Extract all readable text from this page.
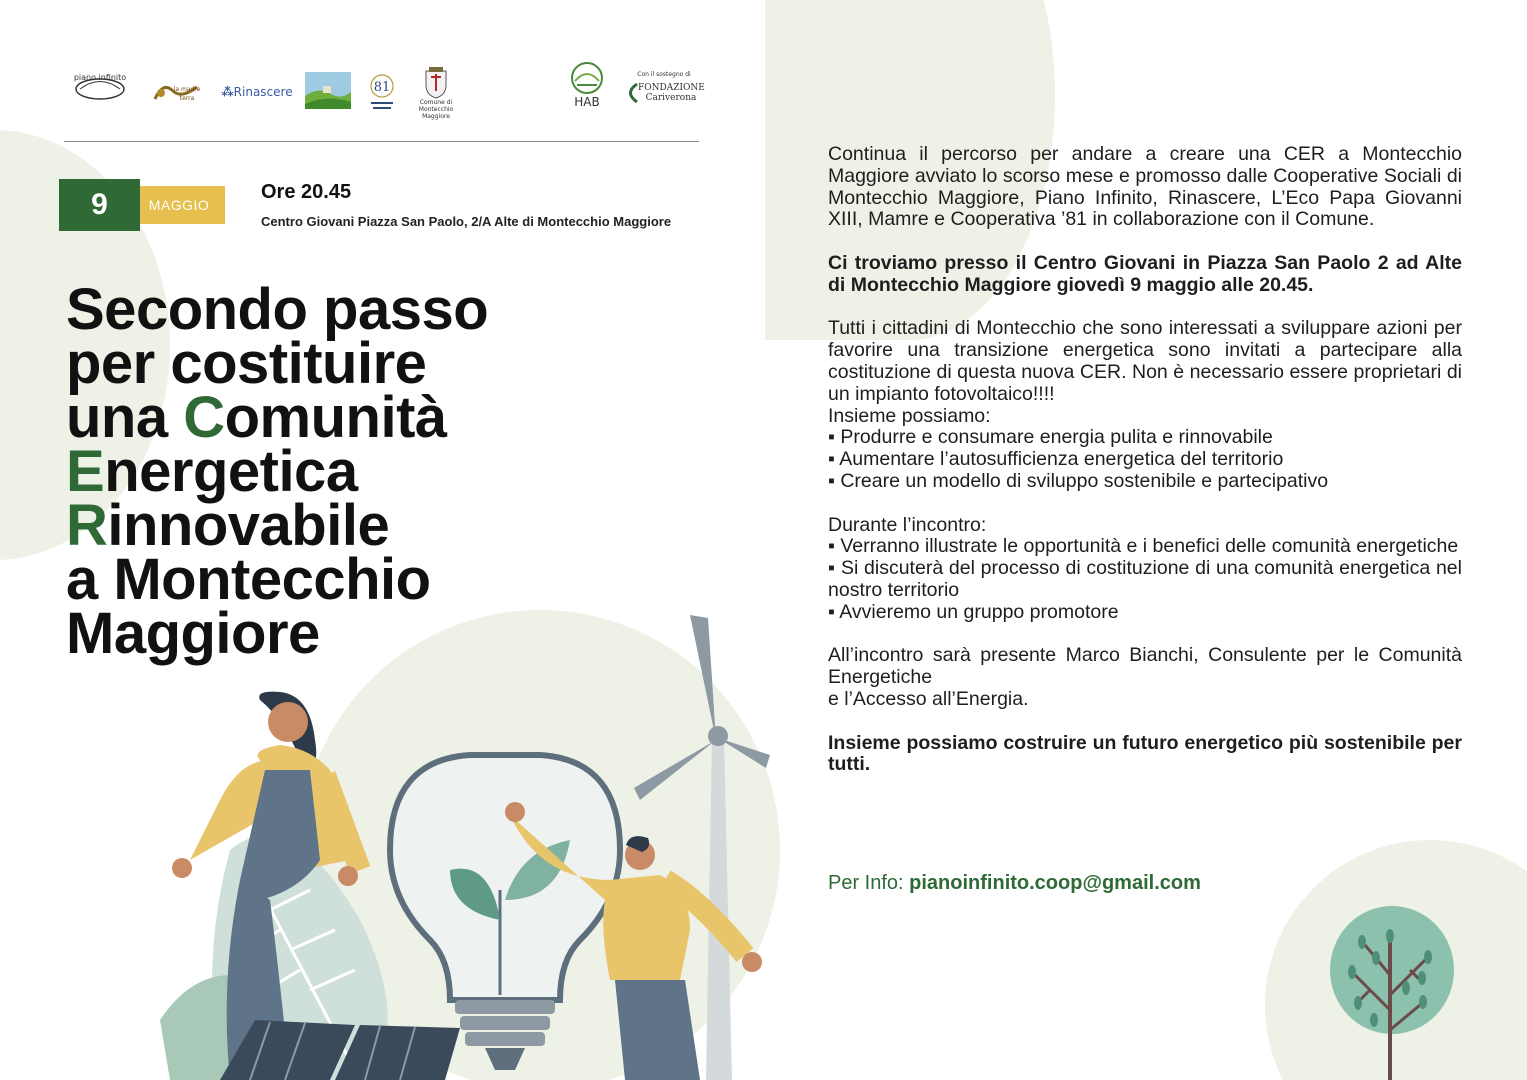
piano infinito
la madre terra	⁂ Rinascere	81
Comune di Montecchio Maggiore
HAB
Con il sostegno di
FONDAZIONE Cariverona
MAGGIO
9	Ore 20.45
Centro Giovani Piazza San Paolo, 2/A Alte di Montecchio Maggiore
Secondo passo
per costituire
una Comunità
Energetica
Rinnovabile
a Montecchio
Maggiore

Continua il percorso per andare a creare una CER a Montecchio Maggiore avviato lo scorso mese e promosso dalle Cooperative Sociali di Montecchio Maggiore, Piano Infinito, Rinascere, L’Eco Papa Giovanni XIII, Mamre e Cooperativa ’81 in collaborazione con il Comune.

Ci troviamo presso il Centro Giovani in Piazza San Paolo 2 ad Alte di Montecchio Maggiore giovedì 9 maggio alle 20.45.

Tutti i cittadini di Montecchio che sono interessati a sviluppare azioni per favorire una transizione energetica sono invitati a partecipare alla costituzione di questa nuova CER. Non è necessario essere proprietari di un impianto fotovoltaico!!!!

Insieme possiamo:
▪ Produrre e consumare energia pulita e rinnovabile
▪ Aumentare l’autosufficienza energetica del territorio
▪ Creare un modello di sviluppo sostenibile e partecipativo
Durante l’incontro:

▪ Verranno illustrate le opportunità e i benefici delle comunità energetiche

▪ Si discuterà del processo di costituzione di una comunità energetica nel nostro territorio

▪ Avvieremo un gruppo promotore

All’incontro sarà presente Marco Bianchi, Consulente per le Comunità Energetiche

e l’Accesso all’Energia.

Insieme possiamo costruire un futuro energetico più sostenibile per tutti.

Per Info: pianoinfinito.coop@gmail.com
